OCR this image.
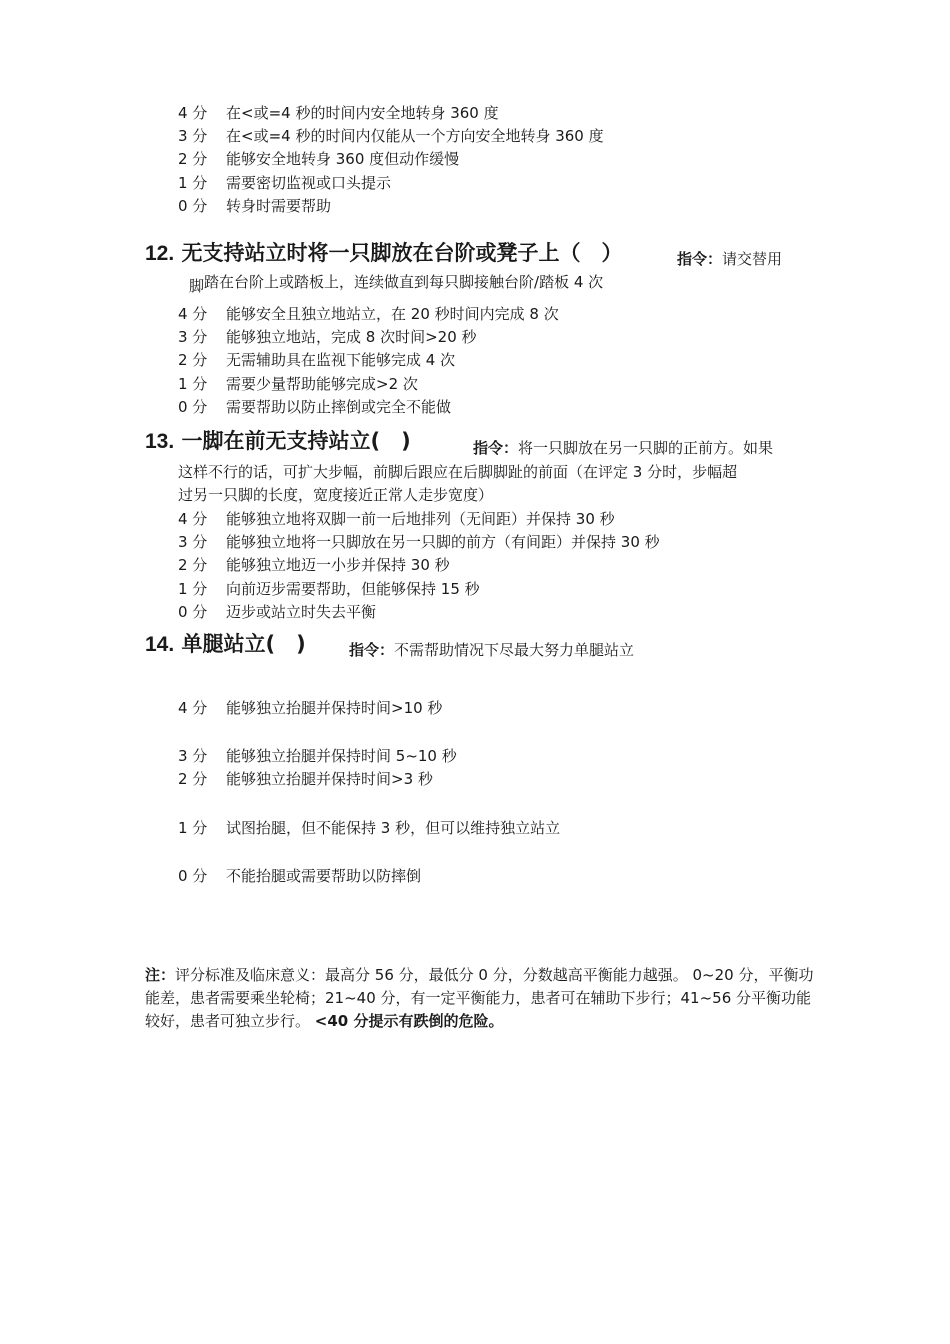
4 分 在<或=4 秒的时间内安全地转身 360 度
3 分 在<或=4 秒的时间内仅能从一个方向安全地转身 360 度
2 分 能够安全地转身 360 度但动作缓慢
1 分 需要密切监视或口头提示
0 分 转身时需要帮助
12. 无支持站立时将一只脚放在台阶或凳子上（　）	指令：请交替用
脚踏在台阶上或踏板上，连续做直到每只脚接触台阶/踏板 4 次
4 分 能够安全且独立地站立，在 20 秒时间内完成 8 次
3 分 能够独立地站，完成 8 次时间>20 秒
2 分 无需辅助具在监视下能够完成 4 次
1 分 需要少量帮助能够完成>2 次
0 分 需要帮助以防止摔倒或完全不能做
13. 一脚在前无支持站立(　)	指令：将一只脚放在另一只脚的正前方。如果
这样不行的话，可扩大步幅，前脚后跟应在后脚脚趾的前面（在评定 3 分时，步幅超
过另一只脚的长度，宽度接近正常人走步宽度）
4 分 能够独立地将双脚一前一后地排列（无间距）并保持 30 秒
3 分 能够独立地将一只脚放在另一只脚的前方（有间距）并保持 30 秒
2 分 能够独立地迈一小步并保持 30 秒
1 分 向前迈步需要帮助，但能够保持 15 秒
0 分 迈步或站立时失去平衡
14. 单腿站立(　)	指令：不需帮助情况下尽最大努力单腿站立
4 分 能够独立抬腿并保持时间>10 秒
3 分 能够独立抬腿并保持时间 5~10 秒
2 分 能够独立抬腿并保持时间>3 秒
1 分 试图抬腿，但不能保持 3 秒，但可以维持独立站立
0 分 不能抬腿或需要帮助以防摔倒
注：评分标准及临床意义：最高分 56 分，最低分 0 分，分数越高平衡能力越强。 0~20 分，平衡功能差，患者需要乘坐轮椅；21~40 分，有一定平衡能力，患者可在辅助下步行；41~56 分平衡功能较好，患者可独立步行。 <40 分提示有跌倒的危险。
